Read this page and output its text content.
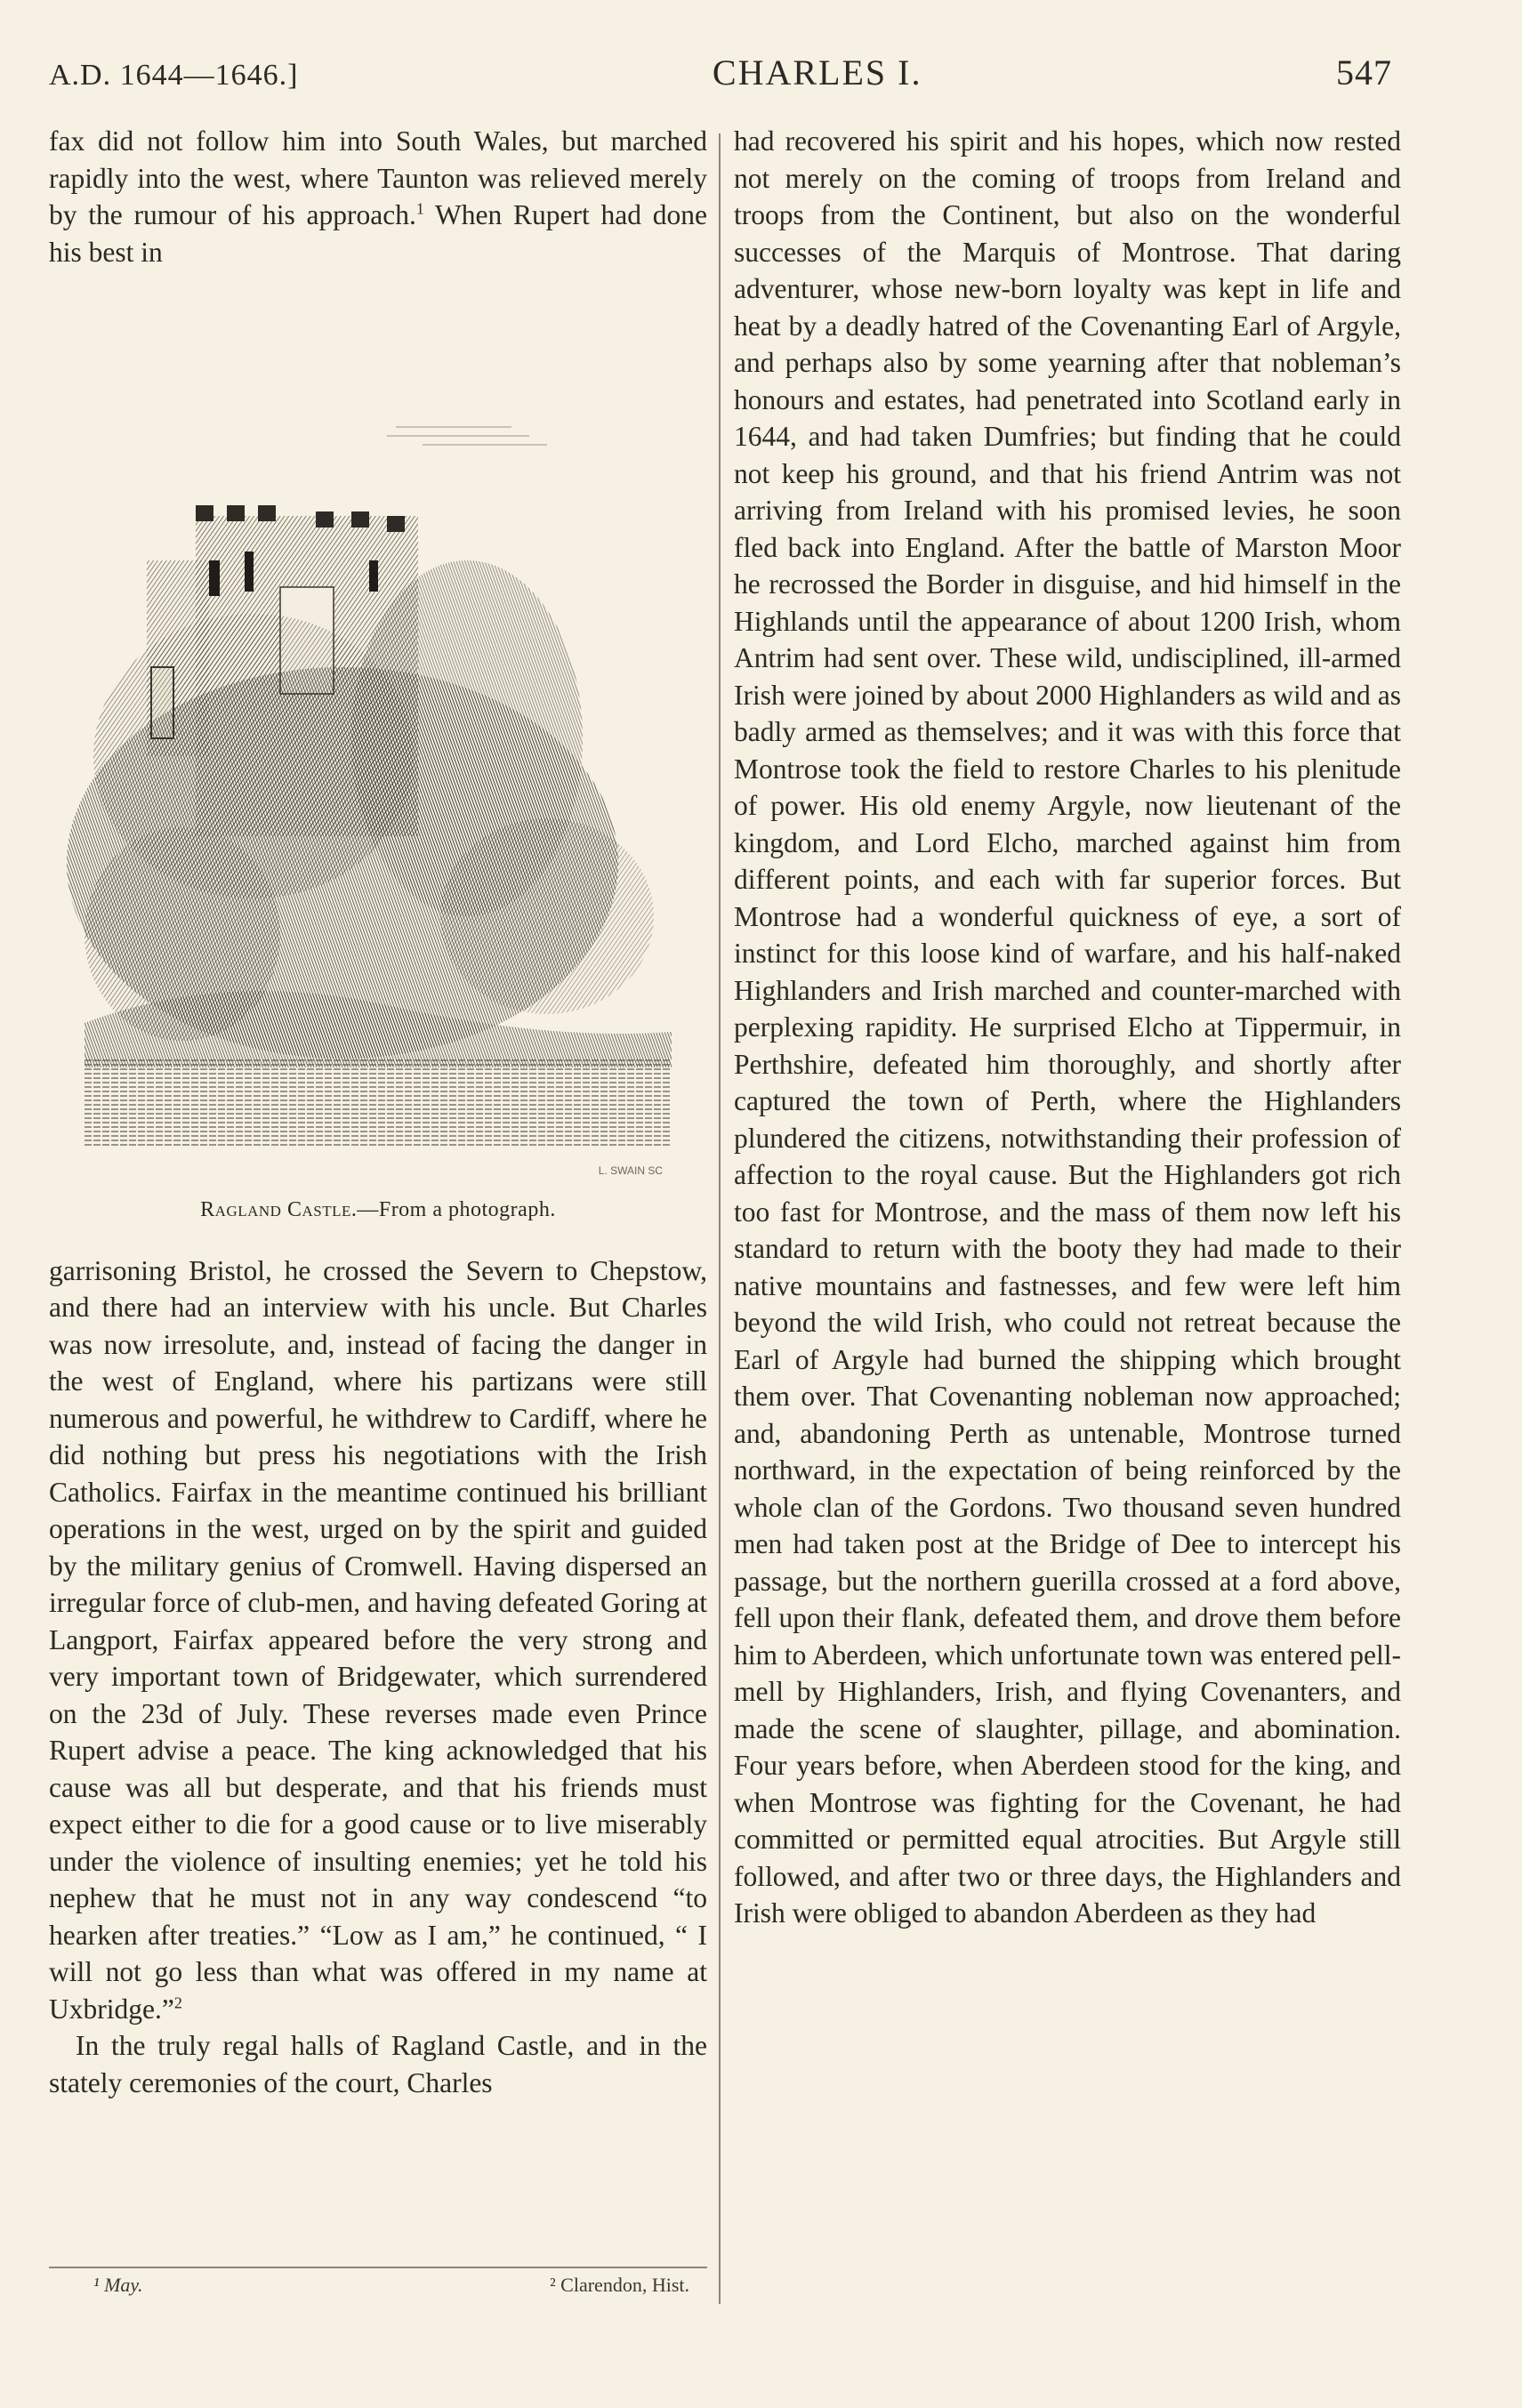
A.D. 1644—1646.]	CHARLES I.	547

fax did not follow him into South Wales, but marched rapidly into the west, where Taunton was relieved merely by the rumour of his approach.$^1$ When Rupert had done his best in

L. SWAIN SC
Ragland Castle.—From a photograph.

garrisoning Bristol, he crossed the Severn to Chepstow, and there had an interview with his uncle. But Charles was now irresolute, and, instead of facing the danger in the west of England, where his partizans were still numerous and powerful, he withdrew to Cardiff, where he did nothing but press his negotiations with the Irish Catholics. Fairfax in the meantime continued his brilliant operations in the west, urged on by the spirit and guided by the military genius of Cromwell. Having dispersed an irregular force of club-men, and having defeated Goring at Langport, Fairfax appeared before the very strong and very important town of Bridgewater, which surrendered on the 23d of July. These reverses made even Prince Rupert advise a peace. The king acknowledged that his cause was all but desperate, and that his friends must expect either to die for a good cause or to live miserably under the violence of insulting enemies; yet he told his nephew that he must not in any way condescend “to hearken after treaties.” “Low as I am,” he continued, “ I will not go less than what was offered in my name at Uxbridge.”$^2$

In the truly regal halls of Ragland Castle, and in the stately ceremonies of the court, Charles

¹ May.	² Clarendon, Hist.

had recovered his spirit and his hopes, which now rested not merely on the coming of troops from Ireland and troops from the Continent, but also on the wonderful successes of the Marquis of Montrose. That daring adventurer, whose new-born loyalty was kept in life and heat by a deadly hatred of the Covenanting Earl of Argyle, and perhaps also by some yearning after that nobleman’s honours and estates, had penetrated into Scotland early in 1644, and had taken Dumfries; but finding that he could not keep his ground, and that his friend Antrim was not arriving from Ireland with his promised levies, he soon fled back into England. After the battle of Marston Moor he recrossed the Border in disguise, and hid himself in the Highlands until the appearance of about 1200 Irish, whom Antrim had sent over. These wild, undisciplined, ill-armed Irish were joined by about 2000 Highlanders as wild and as badly armed as themselves; and it was with this force that Montrose took the field to restore Charles to his plenitude of power. His old enemy Argyle, now lieutenant of the kingdom, and Lord Elcho, marched against him from different points, and each with far superior forces. But Montrose had a wonderful quickness of eye, a sort of instinct for this loose kind of warfare, and his half-naked Highlanders and Irish marched and counter-marched with perplexing rapidity. He surprised Elcho at Tippermuir, in Perthshire, defeated him thoroughly, and shortly after captured the town of Perth, where the Highlanders plundered the citizens, notwithstanding their profession of affection to the royal cause. But the Highlanders got rich too fast for Montrose, and the mass of them now left his standard to return with the booty they had made to their native mountains and fastnesses, and few were left him beyond the wild Irish, who could not retreat because the Earl of Argyle had burned the shipping which brought them over. That Covenanting nobleman now approached; and, abandoning Perth as untenable, Montrose turned northward, in the expectation of being reinforced by the whole clan of the Gordons. Two thousand seven hundred men had taken post at the Bridge of Dee to intercept his passage, but the northern guerilla crossed at a ford above, fell upon their flank, defeated them, and drove them before him to Aberdeen, which unfortunate town was entered pell-mell by Highlanders, Irish, and flying Covenanters, and made the scene of slaughter, pillage, and abomination. Four years before, when Aberdeen stood for the king, and when Montrose was fighting for the Covenant, he had committed or permitted equal atrocities. But Argyle still followed, and after two or three days, the Highlanders and Irish were obliged to abandon Aberdeen as they had
